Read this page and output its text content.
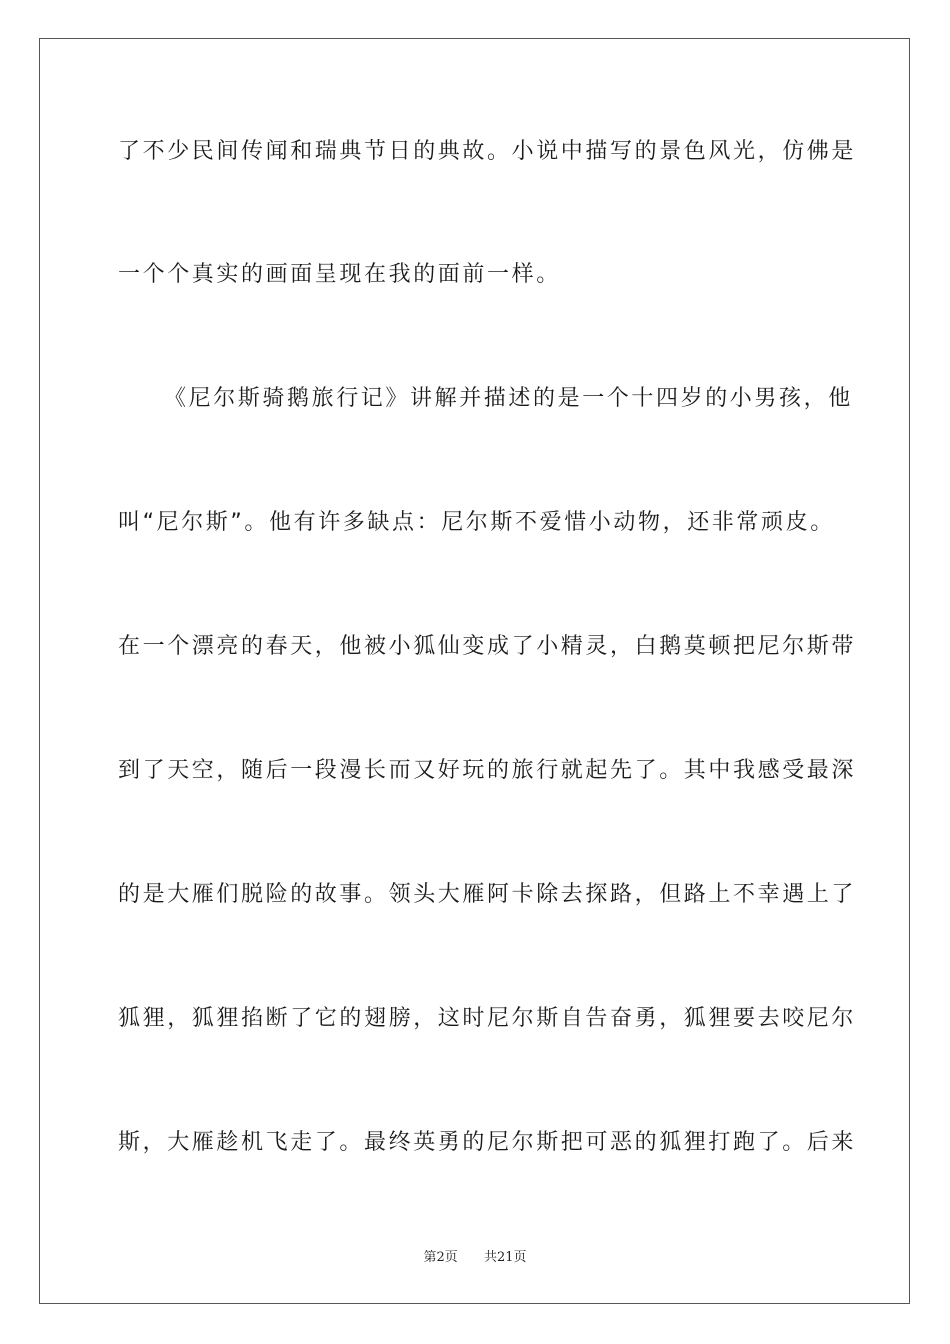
了不少民间传闻和瑞典节日的典故。小说中描写的景色风光，仿佛是
一个个真实的画面呈现在我的面前一样。
《尼尔斯骑鹅旅行记》讲解并描述的是一个十四岁的小男孩，他
叫“尼尔斯”。他有许多缺点：尼尔斯不爱惜小动物，还非常顽皮。
在一个漂亮的春天，他被小狐仙变成了小精灵，白鹅莫顿把尼尔斯带
到了天空，随后一段漫长而又好玩的旅行就起先了。其中我感受最深
的是大雁们脱险的故事。领头大雁阿卡除去探路，但路上不幸遇上了
狐狸，狐狸掐断了它的翅膀，这时尼尔斯自告奋勇，狐狸要去咬尼尔
斯，大雁趁机飞走了。最终英勇的尼尔斯把可恶的狐狸打跑了。后来
第2页 共21页
